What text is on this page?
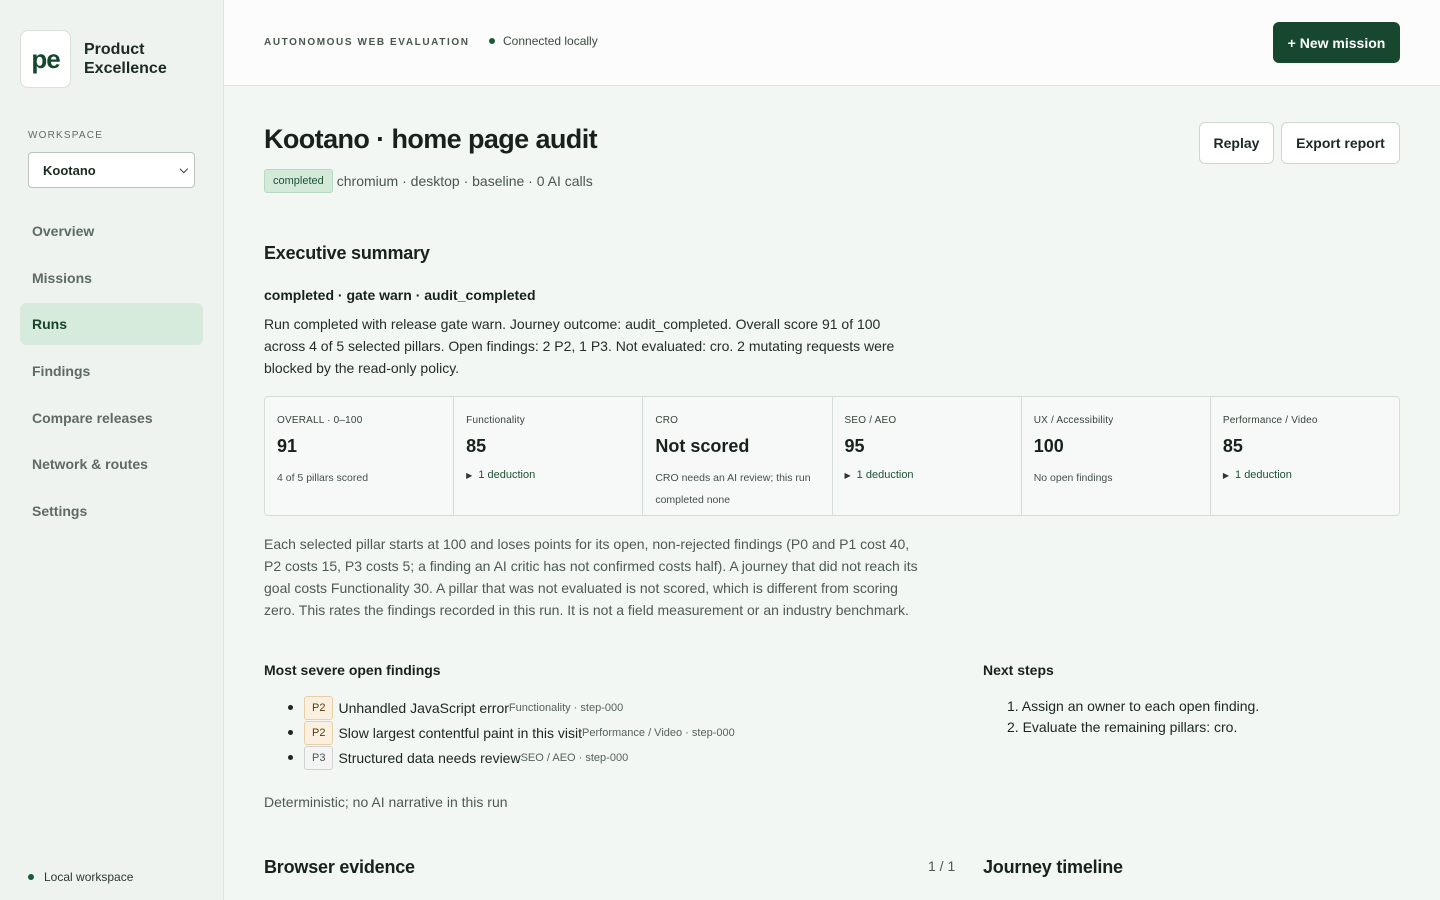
pe	Product Excellence
WORKSPACE
Kootano	⌵
Overview
Missions
Runs
Findings
Compare releases
Network & routes
Settings
Local workspace
AUTONOMOUS WEB EVALUATION	Connected locally	+ New mission
Kootano · home page audit
completed chromium · desktop · baseline · 0 AI calls
Replay	Export report
Executive summary
completed · gate warn · audit_completed

Run completed with release gate warn. Journey outcome: audit_completed. Overall score 91 of 100 across 4 of 5 selected pillars. Open findings: 2 P2, 1 P3. Not evaluated: cro. 2 mutating requests were blocked by the read-only policy.

OVERALL · 0–100
91
4 of 5 pillars scored
Functionality
85
▶ 1 deduction
CRO
Not scored
CRO needs an AI review; this run completed none
SEO / AEO
95
▶ 1 deduction
UX / Accessibility
100
No open findings
Performance / Video
85
▶ 1 deduction

Each selected pillar starts at 100 and loses points for its open, non-rejected findings (P0 and P1 cost 40, P2 costs 15, P3 costs 5; a finding an AI critic has not confirmed costs half). A journey that did not reach its goal costs Functionality 30. A pillar that was not evaluated is not scored, which is different from scoring zero. This rates the findings recorded in this run. It is not a field measurement or an industry benchmark.

Most severe open findings
P2 Unhandled JavaScript error Functionality · step-000
P2 Slow largest contentful paint in this visit Performance / Video · step-000
P3 Structured data needs review SEO / AEO · step-000
Next steps
1. Assign an owner to each open finding.
2. Evaluate the remaining pillars: cro.
Deterministic; no AI narrative in this run
Browser evidence	1 / 1 Journey timeline
